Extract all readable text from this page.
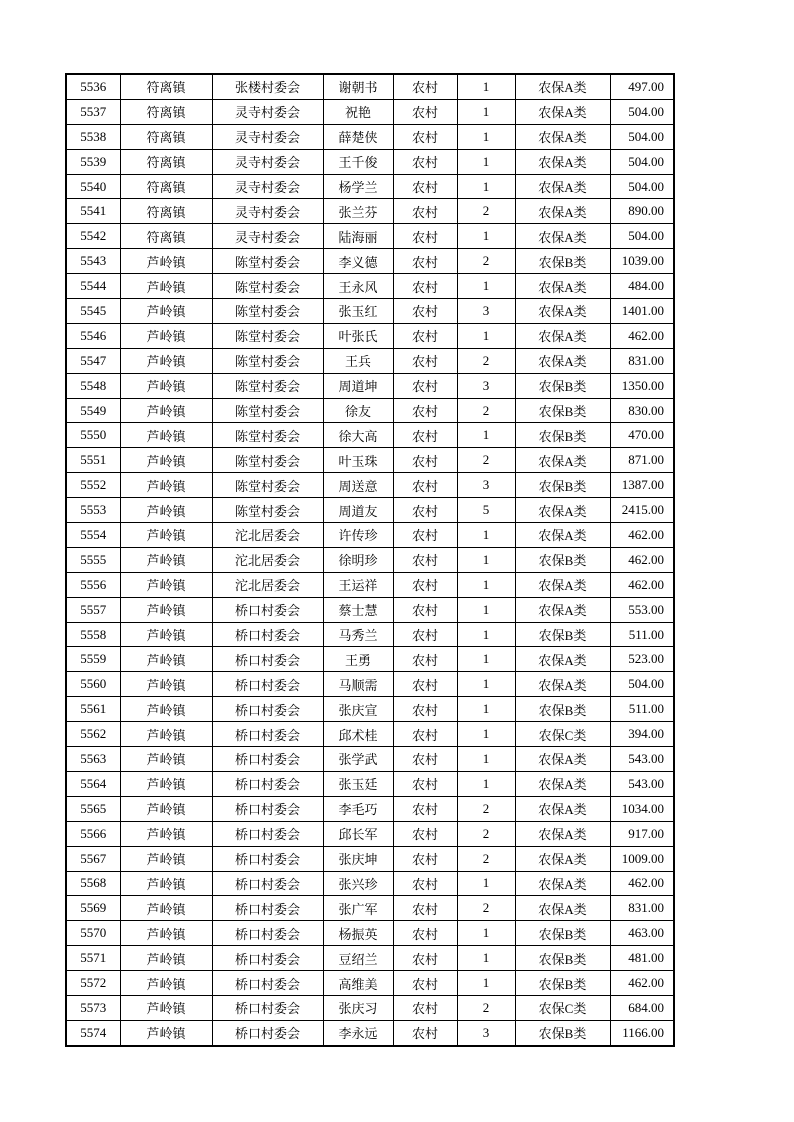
5536	符离镇	张楼村委会	谢朝书	农村	1	农保A类	497.00
5537	符离镇	灵寺村委会	祝艳	农村	1	农保A类	504.00
5538	符离镇	灵寺村委会	薛楚侠	农村	1	农保A类	504.00
5539	符离镇	灵寺村委会	王千俊	农村	1	农保A类	504.00
5540	符离镇	灵寺村委会	杨学兰	农村	1	农保A类	504.00
5541	符离镇	灵寺村委会	张兰芬	农村	2	农保A类	890.00
5542	符离镇	灵寺村委会	陆海丽	农村	1	农保A类	504.00
5543	芦岭镇	陈堂村委会	李义德	农村	2	农保B类	1039.00
5544	芦岭镇	陈堂村委会	王永风	农村	1	农保A类	484.00
5545	芦岭镇	陈堂村委会	张玉红	农村	3	农保A类	1401.00
5546	芦岭镇	陈堂村委会	叶张氏	农村	1	农保A类	462.00
5547	芦岭镇	陈堂村委会	王兵	农村	2	农保A类	831.00
5548	芦岭镇	陈堂村委会	周道坤	农村	3	农保B类	1350.00
5549	芦岭镇	陈堂村委会	徐友	农村	2	农保B类	830.00
5550	芦岭镇	陈堂村委会	徐大高	农村	1	农保B类	470.00
5551	芦岭镇	陈堂村委会	叶玉珠	农村	2	农保A类	871.00
5552	芦岭镇	陈堂村委会	周送意	农村	3	农保B类	1387.00
5553	芦岭镇	陈堂村委会	周道友	农村	5	农保A类	2415.00
5554	芦岭镇	沱北居委会	许传珍	农村	1	农保A类	462.00
5555	芦岭镇	沱北居委会	徐明珍	农村	1	农保B类	462.00
5556	芦岭镇	沱北居委会	王运祥	农村	1	农保A类	462.00
5557	芦岭镇	桥口村委会	蔡士慧	农村	1	农保A类	553.00
5558	芦岭镇	桥口村委会	马秀兰	农村	1	农保B类	511.00
5559	芦岭镇	桥口村委会	王勇	农村	1	农保A类	523.00
5560	芦岭镇	桥口村委会	马顺需	农村	1	农保A类	504.00
5561	芦岭镇	桥口村委会	张庆宣	农村	1	农保B类	511.00
5562	芦岭镇	桥口村委会	邱术桂	农村	1	农保C类	394.00
5563	芦岭镇	桥口村委会	张学武	农村	1	农保A类	543.00
5564	芦岭镇	桥口村委会	张玉廷	农村	1	农保A类	543.00
5565	芦岭镇	桥口村委会	李毛巧	农村	2	农保A类	1034.00
5566	芦岭镇	桥口村委会	邱长军	农村	2	农保A类	917.00
5567	芦岭镇	桥口村委会	张庆坤	农村	2	农保A类	1009.00
5568	芦岭镇	桥口村委会	张兴珍	农村	1	农保A类	462.00
5569	芦岭镇	桥口村委会	张广军	农村	2	农保A类	831.00
5570	芦岭镇	桥口村委会	杨振英	农村	1	农保B类	463.00
5571	芦岭镇	桥口村委会	豆绍兰	农村	1	农保B类	481.00
5572	芦岭镇	桥口村委会	高维美	农村	1	农保B类	462.00
5573	芦岭镇	桥口村委会	张庆习	农村	2	农保C类	684.00
5574	芦岭镇	桥口村委会	李永远	农村	3	农保B类	1166.00
